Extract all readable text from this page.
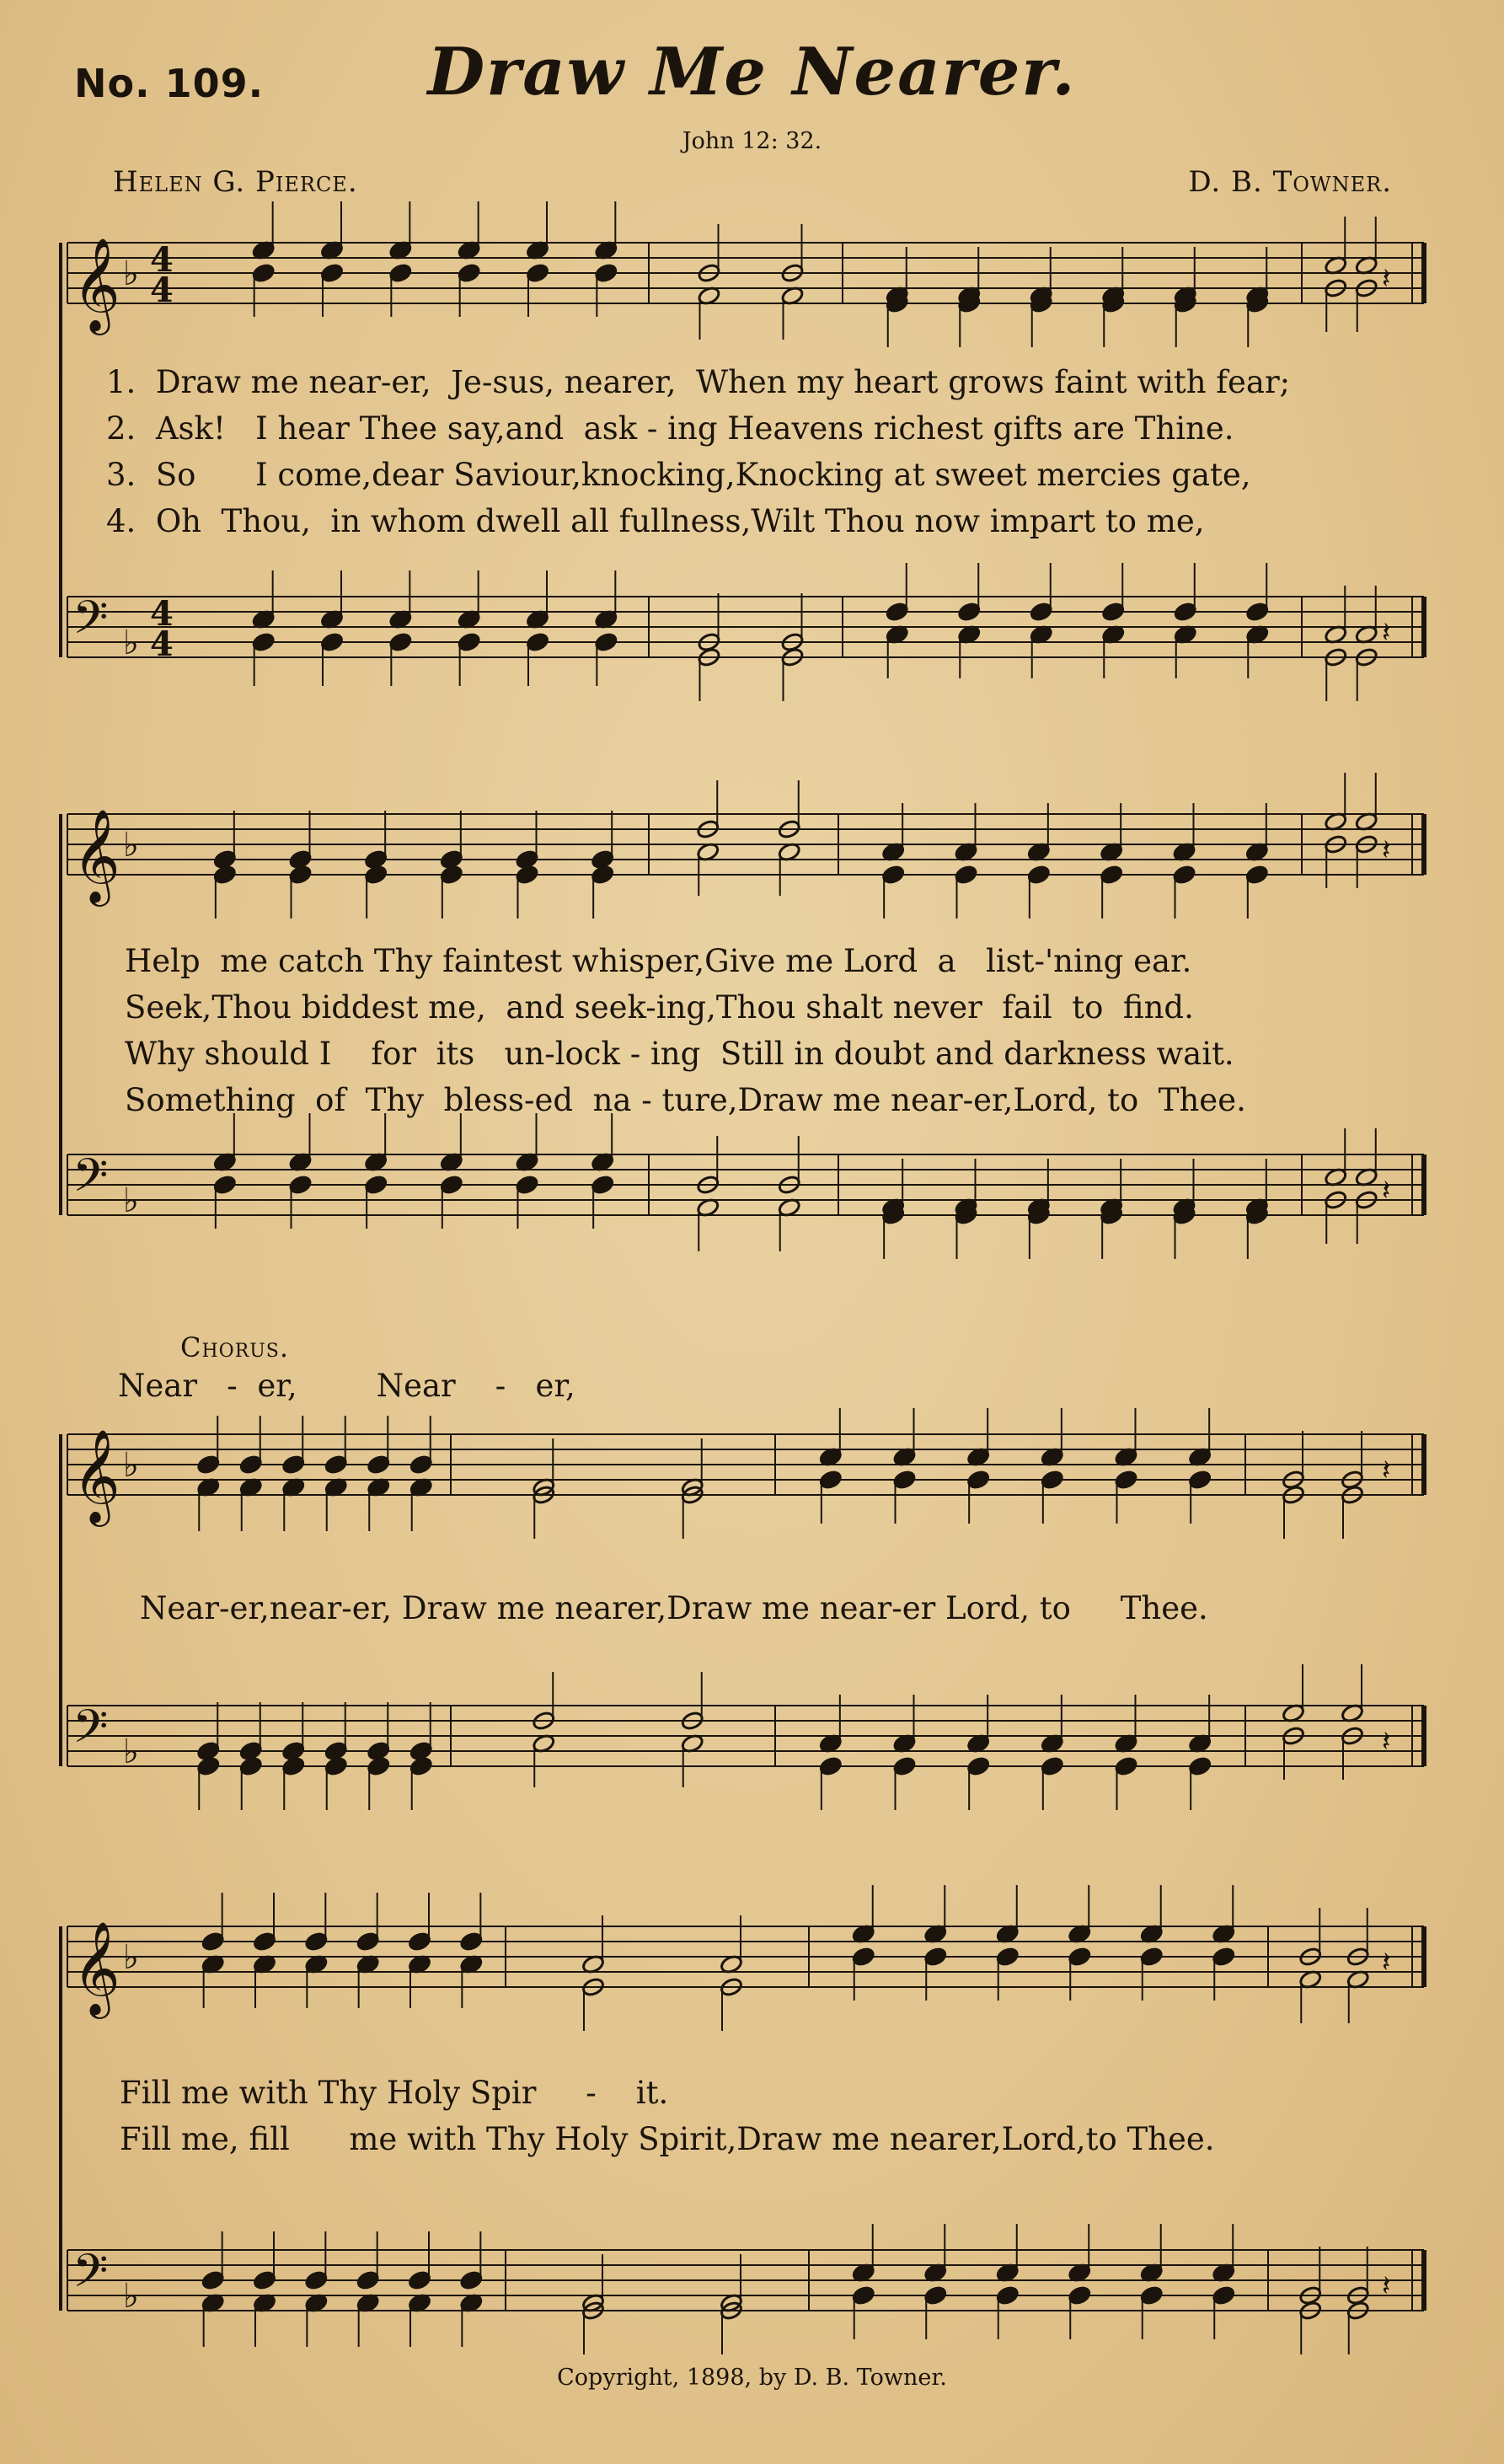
No. 109.	Draw Me Nearer.
John 12: 32.
Helen G. Pierce.	D. B. Towner.
𝄞 ♭ 4
4	𝄽
𝄢 ♭
4
4	𝄽
𝄞 ♭	𝄽
𝄢 ♭	𝄽
𝄞 ♭	𝄽
𝄢 ♭	𝄽
𝄞 ♭	𝄽
𝄢 ♭	𝄽
1.  Draw me near-er,  Je-sus, nearer,  When my heart grows faint with fear;
2.  Ask!   I hear Thee say,and  ask - ing Heavens richest gifts are Thine.
3.  So      I come,dear Saviour,knocking,Knocking at sweet mercies gate,
4.  Oh  Thou,  in whom dwell all fullness,Wilt Thou now impart to me,
Help  me catch Thy faintest whisper,Give me Lord  a   list-'ning ear.
Seek,Thou biddest me,  and seek-ing,Thou shalt never  fail  to  find.
Why should I    for  its   un-lock - ing  Still in doubt and darkness wait.
Something  of  Thy  bless-ed  na - ture,Draw me near-er,Lord, to  Thee.
Chorus.
Near   -  er,        Near    -   er,
Near-er,near-er, Draw me nearer,Draw me near-er Lord, to     Thee.
Fill me with Thy Holy Spir     -    it.
Fill me, fill      me with Thy Holy Spirit,Draw me nearer,Lord,to Thee.
Copyright, 1898, by D. B. Towner.
